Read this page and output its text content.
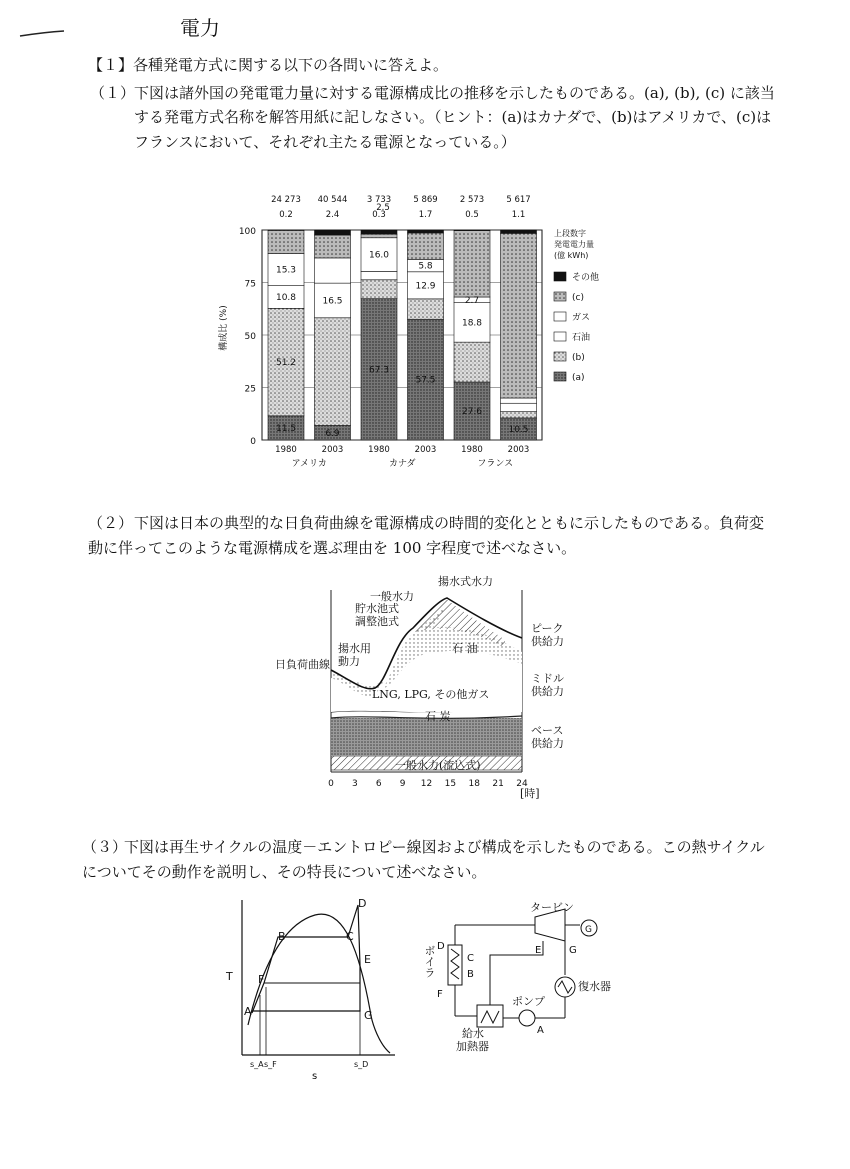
電力
【１】各種発電方式に関する以下の各問いに答えよ。
（１）
下図は諸外国の発電電力量に対する電源構成比の推移を示したものである。(a), (b), (c) に該当
する発電方式名称を解答用紙に記しなさい。（ヒント：(a)はカナダで、(b)はアメリカで、(c)は
フランスにおいて、それぞれ主たる電源となっている。）
0
25
50
75
100
構成比 (%)
1980
24 273
0.2
2003
40 544
2.4
1980
3 733
0.3
2003
5 869
1.7
1980
2 573
0.5
2003
5 617
1.1
2.5
アメリカ	カナダ	フランス
11.5
51.2
10.8
15.3
6.9
16.5
67.3
16.0
57.5
12.9
5.8
27.6
18.8
2.7
10.5
上段数字
発電電力量
(億 kWh)
その他
(c)
ガス
石油
(b)
(a)
（２） 下図は日本の典型的な日負荷曲線を電源構成の時間的変化とともに示したものである。負荷変
動に伴ってこのような電源構成を選ぶ理由を 100 字程度で述べなさい。
0 3 6 9 12 15 18 21 24
揚水式水力
一般水力
貯水池式
調整池式
揚水用
動力
日負荷曲線
石 油
LNG, LPG, その他ガス
石 炭
一般水力(流込式)
ピーク
供給力
ミドル
供給力
ベース
供給力
[時]
（３）
下図は再生サイクルの温度－エントロピー線図および構成を示したものである。この熱サイクル
についてその動作を説明し、その特長について述べなさい。
T
s
A
B	C
D
E
F
G
s_A s_F	s_D
G
A
B
C
D	E
F
G
タービン
ボイラ
復水器
ポンプ
給水
加熱器
